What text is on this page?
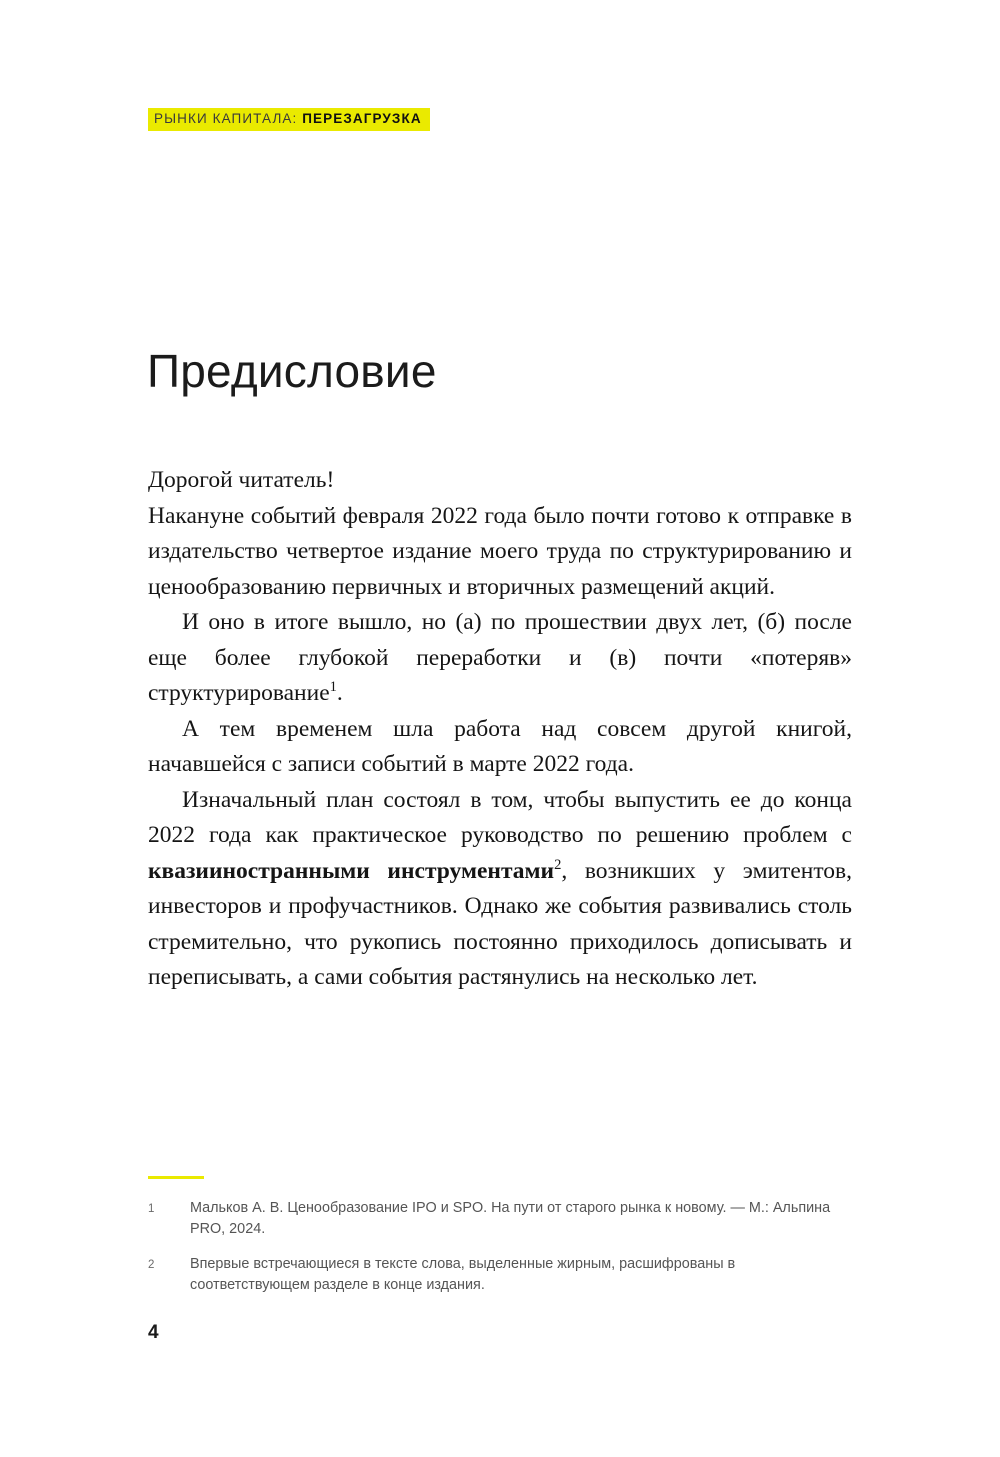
РЫНКИ КАПИТАЛА: ПЕРЕЗАГРУЗКА
Предисловие

Дорогой читатель!

Накануне событий февраля 2022 года было почти готово к отправке в издательство четвертое издание моего труда по структурированию и ценообразованию первичных и вторичных размещений акций.

И оно в итоге вышло, но (а) по прошествии двух лет, (б) после еще более глубокой переработки и (в) почти «потеряв» структурирование$^1$.

А тем временем шла работа над совсем другой книгой, начавшейся с записи событий в марте 2022 года.

Изначальный план состоял в том, чтобы выпустить ее до конца 2022 года как практическое руководство по решению проблем с квазииностранными инструментами$^2$, возникших у эмитентов, инвесторов и профучастников. Однако же события развивались столь стремительно, что рукопись постоянно приходилось дописывать и переписывать, а сами события растянулись на несколько лет.

1	Мальков А. В. Ценообразование IPO и SPO. На пути от старого рынка к новому. — М.: Альпина PRO, 2024.
2	Впервые встречающиеся в тексте слова, выделенные жирным, расшифрованы в соответствующем разделе в конце издания.
4
